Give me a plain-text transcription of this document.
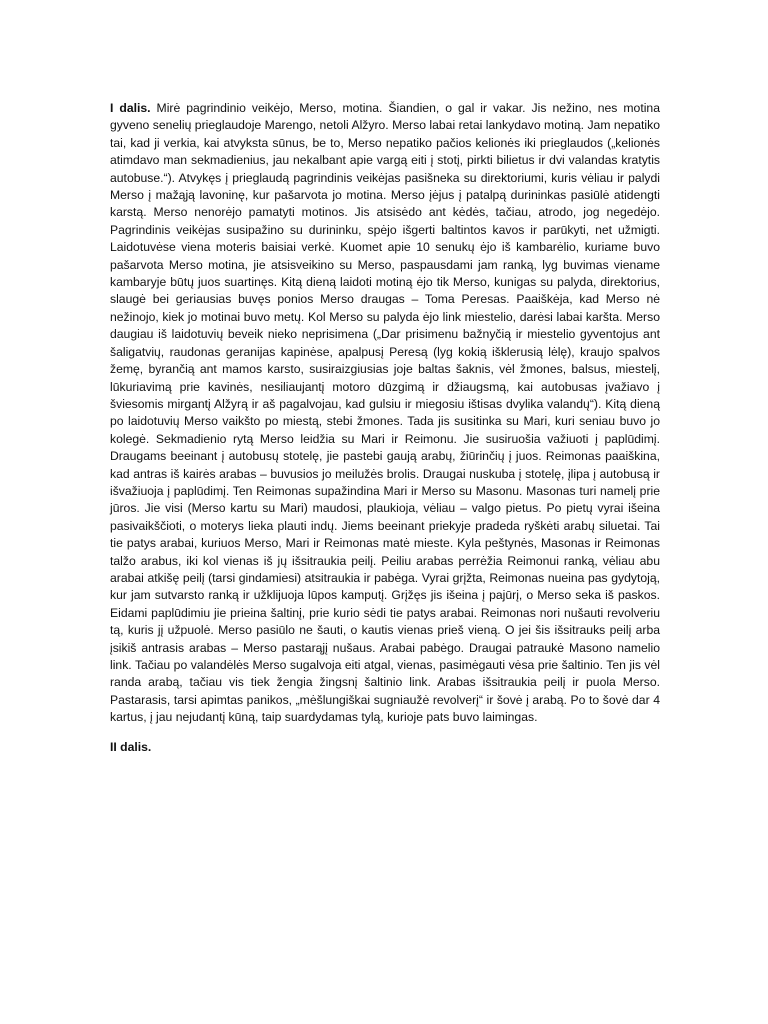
I dalis. Mirė pagrindinio veikėjo, Merso, motina. Šiandien, o gal ir vakar. Jis nežino, nes motina gyveno senelių prieglaudoje Marengo, netoli Alžyro. Merso labai retai lankydavo motiną. Jam nepatiko tai, kad ji verkia, kai atvyksta sūnus, be to, Merso nepatiko pačios kelionės iki prieglaudos („kelionės atimdavo man sekmadienius, jau nekalbant apie vargą eiti į stotį, pirkti bilietus ir dvi valandas kratytis autobuse.“). Atvykęs į prieglaudą pagrindinis veikėjas pasišneka su direktoriumi, kuris vėliau ir palydi Merso į mažąją lavoninę, kur pašarvota jo motina. Merso įėjus į patalpą durininkas pasiūlė atidengti karstą. Merso nenorėjo pamatyti motinos. Jis atsisėdo ant kėdės, tačiau, atrodo, jog negedėjo. Pagrindinis veikėjas susipažino su durininku, spėjo išgerti baltintos kavos ir parūkyti, net užmigti. Laidotuvėse viena moteris baisiai verkė. Kuomet apie 10 senukų ėjo iš kambarėlio, kuriame buvo pašarvota Merso motina, jie atsisveikino su Merso, paspausdami jam ranką, lyg buvimas viename kambaryje būtų juos suartinęs. Kitą dieną laidoti motiną ėjo tik Merso, kunigas su palyda, direktorius, slaugė bei geriausias buvęs ponios Merso draugas – Toma Peresas. Paaiškėja, kad Merso nė nežinojo, kiek jo motinai buvo metų. Kol Merso su palyda ėjo link miestelio, darėsi labai karšta. Merso daugiau iš laidotuvių beveik nieko neprisimena („Dar prisimenu bažnyčią ir miestelio gyventojus ant šaligatvių, raudonas geranijas kapinėse, apalpusį Peresą (lyg kokią išklerusią lėlę), kraujo spalvos žemę, byrančią ant mamos karsto, susiraizgiusias joje baltas šaknis, vėl žmones, balsus, miestelį, lūkuriavimą prie kavinės, nesiliaujantį motoro dūzgimą ir džiaugsmą, kai autobusas įvažiavo į šviesomis mirgantį Alžyrą ir aš pagalvojau, kad gulsiu ir miegosiu ištisas dvylika valandų“). Kitą dieną po laidotuvių Merso vaikšto po miestą, stebi žmones. Tada jis susitinka su Mari, kuri seniau buvo jo kolegė. Sekmadienio rytą Merso leidžia su Mari ir Reimonu. Jie susiruošia važiuoti į paplūdimį. Draugams beeinant į autobusų stotelę, jie pastebi gaują arabų, žiūrinčių į juos. Reimonas paaiškina, kad antras iš kairės arabas – buvusios jo meilužės brolis. Draugai nuskuba į stotelę, įlipa į autobusą ir išvažiuoja į paplūdimį. Ten Reimonas supažindina Mari ir Merso su Masonu. Masonas turi namelį prie jūros. Jie visi (Merso kartu su Mari) maudosi, plaukioja, vėliau – valgo pietus. Po pietų vyrai išeina pasivaikščioti, o moterys lieka plauti indų. Jiems beeinant priekyje pradeda ryškėti arabų siluetai. Tai tie patys arabai, kuriuos Merso, Mari ir Reimonas matė mieste. Kyla peštynės, Masonas ir Reimonas talžo arabus, iki kol vienas iš jų išsitraukia peilį. Peiliu arabas perrėžia Reimonui ranką, vėliau abu arabai atkišę peilį (tarsi gindamiesi) atsitraukia ir pabėga. Vyrai grįžta, Reimonas nueina pas gydytoją, kur jam sutvarsto ranką ir užklijuoja lūpos kamputį. Grįžęs jis išeina į pajūrį, o Merso seka iš paskos. Eidami paplūdimiu jie prieina šaltinį, prie kurio sėdi tie patys arabai. Reimonas nori nušauti revolveriu tą, kuris jį užpuolė. Merso pasiūlo ne šauti, o kautis vienas prieš vieną. O jei šis išsitrauks peilį arba įsikiš antrasis arabas – Merso pastarąjį nušaus. Arabai pabėgo. Draugai patraukė Masono namelio link. Tačiau po valandėlės Merso sugalvoja eiti atgal, vienas, pasimėgauti vėsa prie šaltinio. Ten jis vėl randa arabą, tačiau vis tiek žengia žingsnį šaltinio link. Arabas išsitraukia peilį ir puola Merso. Pastarasis, tarsi apimtas panikos, „mėšlungiškai sugniaužė revolverį“ ir šovė į arabą. Po to šovė dar 4 kartus, į jau nejudantį kūną, taip suardydamas tylą, kurioje pats buvo laimingas.

II dalis.
